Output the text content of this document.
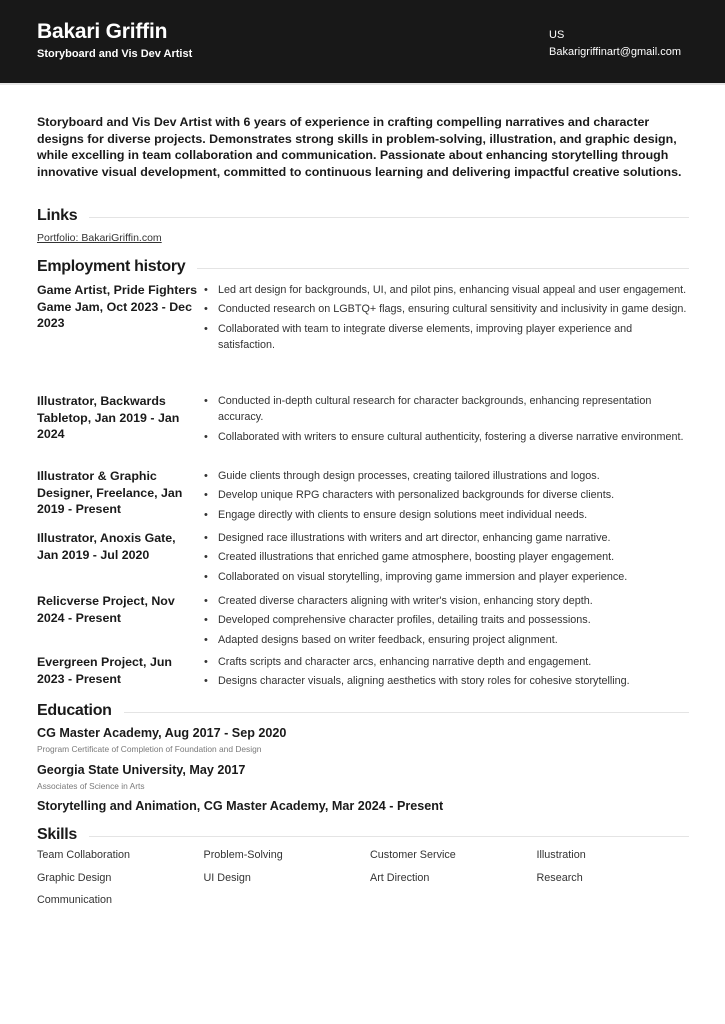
Bakari Griffin
Storyboard and Vis Dev Artist
US
Bakarigriffinart@gmail.com
Storyboard and Vis Dev Artist with 6 years of experience in crafting compelling narratives and character designs for diverse projects. Demonstrates strong skills in problem-solving, illustration, and graphic design, while excelling in team collaboration and communication. Passionate about enhancing storytelling through innovative visual development, committed to continuous learning and delivering impactful creative solutions.
Links
Portfolio: BakariGriffin.com
Employment history
Game Artist, Pride Fighters Game Jam, Oct 2023 - Dec 2023
• Led art design for backgrounds, UI, and pilot pins, enhancing visual appeal and user engagement.
• Conducted research on LGBTQ+ flags, ensuring cultural sensitivity and inclusivity in game design.
• Collaborated with team to integrate diverse elements, improving player experience and satisfaction.
Illustrator, Backwards Tabletop, Jan 2019 - Jan 2024
• Conducted in-depth cultural research for character backgrounds, enhancing representation accuracy.
• Collaborated with writers to ensure cultural authenticity, fostering a diverse narrative environment.
Illustrator & Graphic Designer, Freelance, Jan 2019 - Present
• Guide clients through design processes, creating tailored illustrations and logos.
• Develop unique RPG characters with personalized backgrounds for diverse clients.
• Engage directly with clients to ensure design solutions meet individual needs.
Illustrator, Anoxis Gate, Jan 2019 - Jul 2020
• Designed race illustrations with writers and art director, enhancing game narrative.
• Created illustrations that enriched game atmosphere, boosting player engagement.
• Collaborated on visual storytelling, improving game immersion and player experience.
Relicverse Project, Nov 2024 - Present
• Created diverse characters aligning with writer's vision, enhancing story depth.
• Developed comprehensive character profiles, detailing traits and possessions.
• Adapted designs based on writer feedback, ensuring project alignment.
Evergreen Project, Jun 2023 - Present
• Crafts scripts and character arcs, enhancing narrative depth and engagement.
• Designs character visuals, aligning aesthetics with story roles for cohesive storytelling.
Education
CG Master Academy, Aug 2017 - Sep 2020
Program Certificate of Completion of Foundation and Design
Georgia State University, May 2017
Associates of Science in Arts
Storytelling and Animation, CG Master Academy, Mar 2024 - Present
Skills
Team Collaboration	Problem-Solving	Customer Service	Illustration
Graphic Design	UI Design	Art Direction	Research
Communication
